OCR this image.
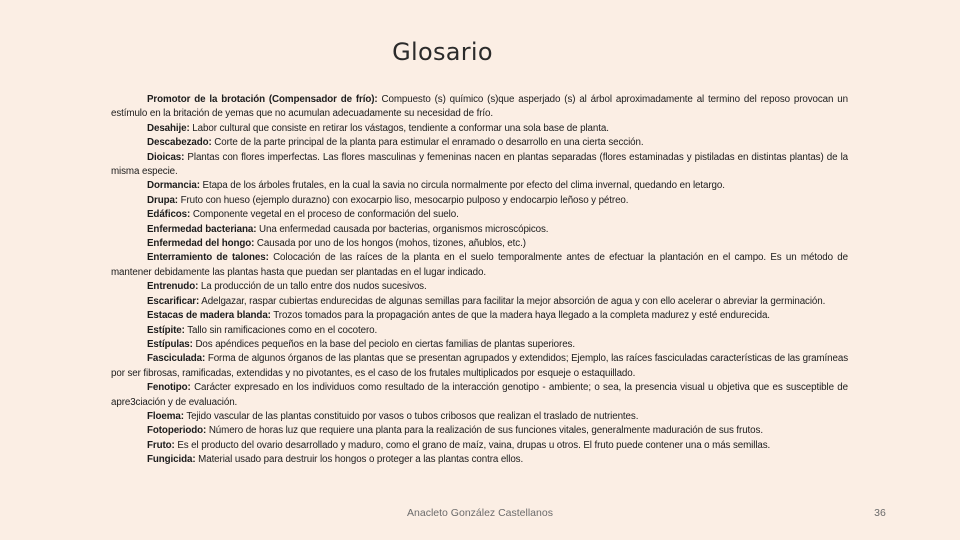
Glosario

Promotor de la brotación (Compensador de frío): Compuesto (s) químico (s)que asperjado (s) al árbol aproximadamente al termino del reposo provocan un estímulo en la britación de yemas que no acumulan adecuadamente su necesidad de frío.

Desahije: Labor cultural que consiste en retirar los vástagos, tendiente a conformar una sola base de planta.

Descabezado: Corte de la parte principal de la planta para estimular el enramado o desarrollo en una cierta sección.

Dioicas: Plantas con flores imperfectas. Las flores masculinas y femeninas nacen en plantas separadas (flores estaminadas y pistiladas en distintas plantas) de la misma especie.

Dormancia: Etapa de los árboles frutales, en la cual la savia no circula normalmente por efecto del clima invernal, quedando en letargo.

Drupa: Fruto con hueso (ejemplo durazno) con exocarpio liso, mesocarpio pulposo y endocarpio leñoso y pétreo.

Edáficos: Componente vegetal en el proceso de conformación del suelo.

Enfermedad bacteriana: Una enfermedad causada por bacterias, organismos microscópicos.

Enfermedad del hongo: Causada por uno de los hongos (mohos, tizones, añublos, etc.)

Enterramiento de talones: Colocación de las raíces de la planta en el suelo temporalmente antes de efectuar la plantación en el campo. Es un método de mantener debidamente las plantas hasta que puedan ser plantadas en el lugar indicado.

Entrenudo: La producción de un tallo entre dos nudos sucesivos.

Escarificar: Adelgazar, raspar cubiertas endurecidas de algunas semillas para facilitar la mejor absorción de agua y con ello acelerar o abreviar la germinación.

Estacas de madera blanda: Trozos tomados para la propagación antes de que la madera haya llegado a la completa madurez y esté endurecida.

Estípite: Tallo sin ramificaciones como en el cocotero.

Estípulas: Dos apéndices pequeños en la base del peciolo en ciertas familias de plantas superiores.

Fasciculada: Forma de algunos órganos de las plantas que se presentan agrupados y extendidos; Ejemplo, las raíces fasciculadas características de las gramíneas por ser fibrosas, ramificadas, extendidas y no pivotantes, es el caso de los frutales multiplicados por esqueje o estaquillado.

Fenotipo: Carácter expresado en los individuos como resultado de la interacción genotipo - ambiente; o sea, la presencia visual u objetiva que es susceptible de apre3ciación y de evaluación.

Floema: Tejido vascular de las plantas constituido por vasos o tubos cribosos que realizan el traslado de nutrientes.

Fotoperiodo: Número de horas luz que requiere una planta para la realización de sus funciones vitales, generalmente maduración de sus frutos.

Fruto: Es el producto del ovario desarrollado y maduro, como el grano de maíz, vaina, drupas u otros. El fruto puede contener una o más semillas.

Fungicida: Material usado para destruir los hongos o proteger a las plantas contra ellos.

Anacleto González Castellanos	36
